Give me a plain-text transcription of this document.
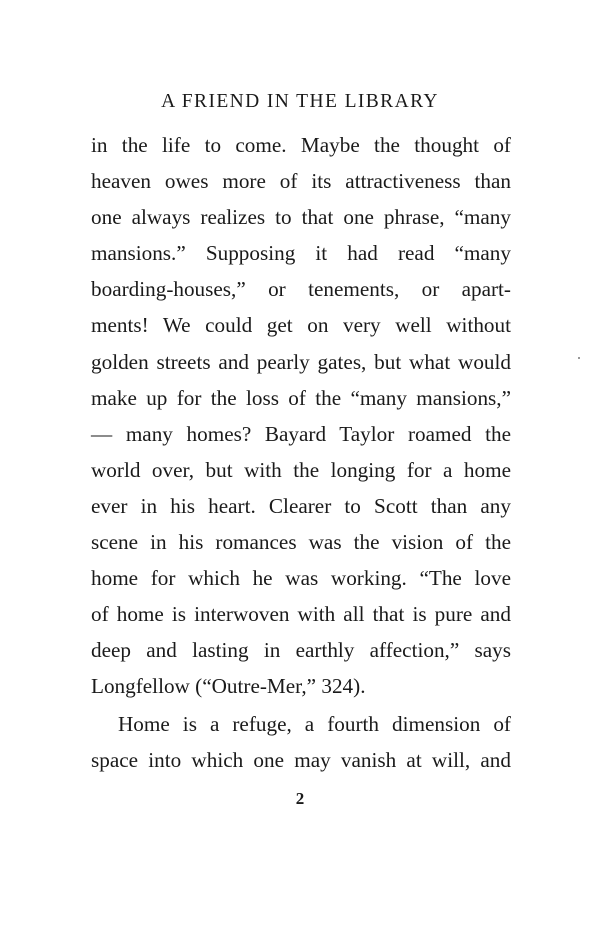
A FRIEND IN THE LIBRARY
in the life to come. Maybe the thought of
heaven owes more of its attractiveness than
one always realizes to that one phrase, “many
mansions.” Supposing it had read “many
boarding-houses,” or tenements, or apart-
ments! We could get on very well without
golden streets and pearly gates, but what would
make up for the loss of the “many mansions,”
— many homes? Bayard Taylor roamed the
world over, but with the longing for a home
ever in his heart. Clearer to Scott than any
scene in his romances was the vision of the
home for which he was working. “The love
of home is interwoven with all that is pure and
deep and lasting in earthly affection,” says
Longfellow (“Outre-Mer,” 324).
Home is a refuge, a fourth dimension of
space into which one may vanish at will, and
2
